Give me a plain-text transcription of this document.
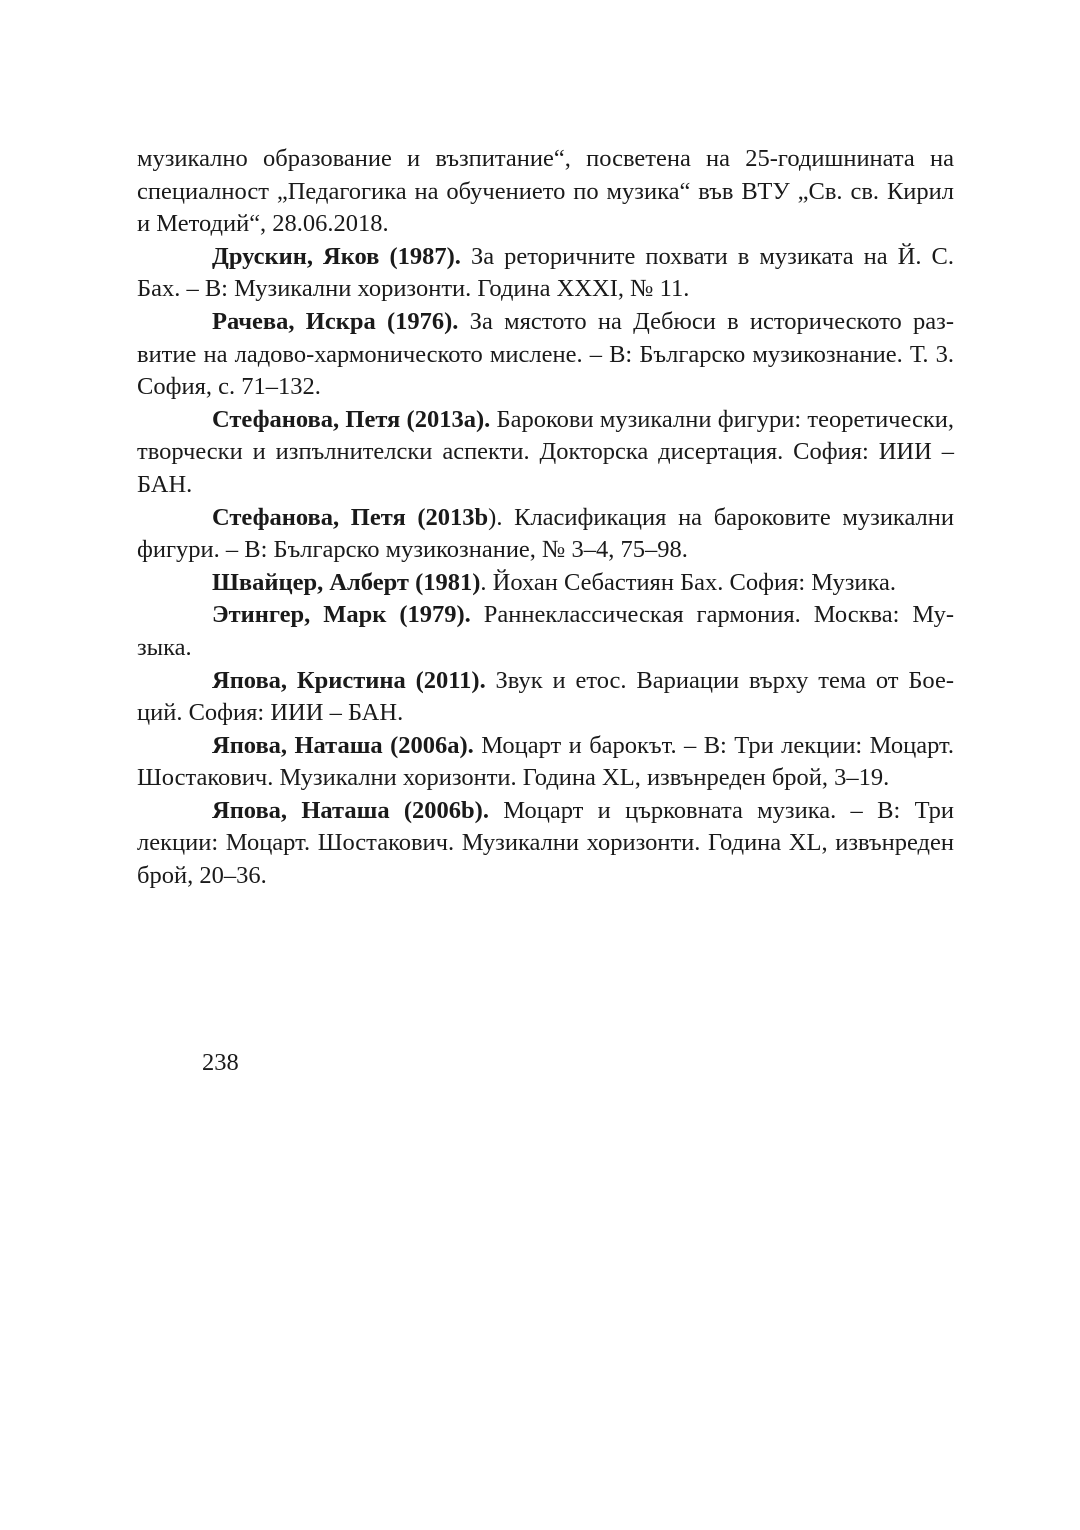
музикално образование и възпитание“, посветена на 25-годишнината на специалност „Педагогика на обучението по музика“ във ВТУ „Св. св. Кирил и Методий“, 28.06.2018.

Друскин, Яков (1987). За реторичните похвати в музиката на Й. С. Бах. – В: Музикални хоризонти. Година XXXI, № 11.

Рачева, Искра (1976). За мястото на Дебюси в историческото развитие на ладово-хармоническото мислене. – В: Българско музикознание. Т. 3. София, с. 71–132.

Стефанова, Петя (2013a). Барокови музикални фигури: теоретически, творчески и изпълнителски аспекти. Докторска дисертация. София: ИИИ – БАН.

Стефанова, Петя (2013b). Класификация на бароковите музикални фигури. – В: Българско музикознание, № 3–4, 75–98.

Швайцер, Алберт (1981). Йохан Себастиян Бах. София: Музика.

Этингер, Марк (1979). Раннеклассическая гармония. Москва: Музыка.

Япова, Кристина (2011). Звук и етос. Вариации върху тема от Боеций. София: ИИИ – БАН.

Япова, Наташа (2006a). Моцарт и барокът. – В: Три лекции: Моцарт. Шостакович. Музикални хоризонти. Година XL, извънреден брой, 3–19.

Япова, Наташа (2006b). Моцарт и църковната музика. – В: Три лекции: Моцарт. Шостакович. Музикални хоризонти. Година XL, извънреден брой, 20–36.

238
